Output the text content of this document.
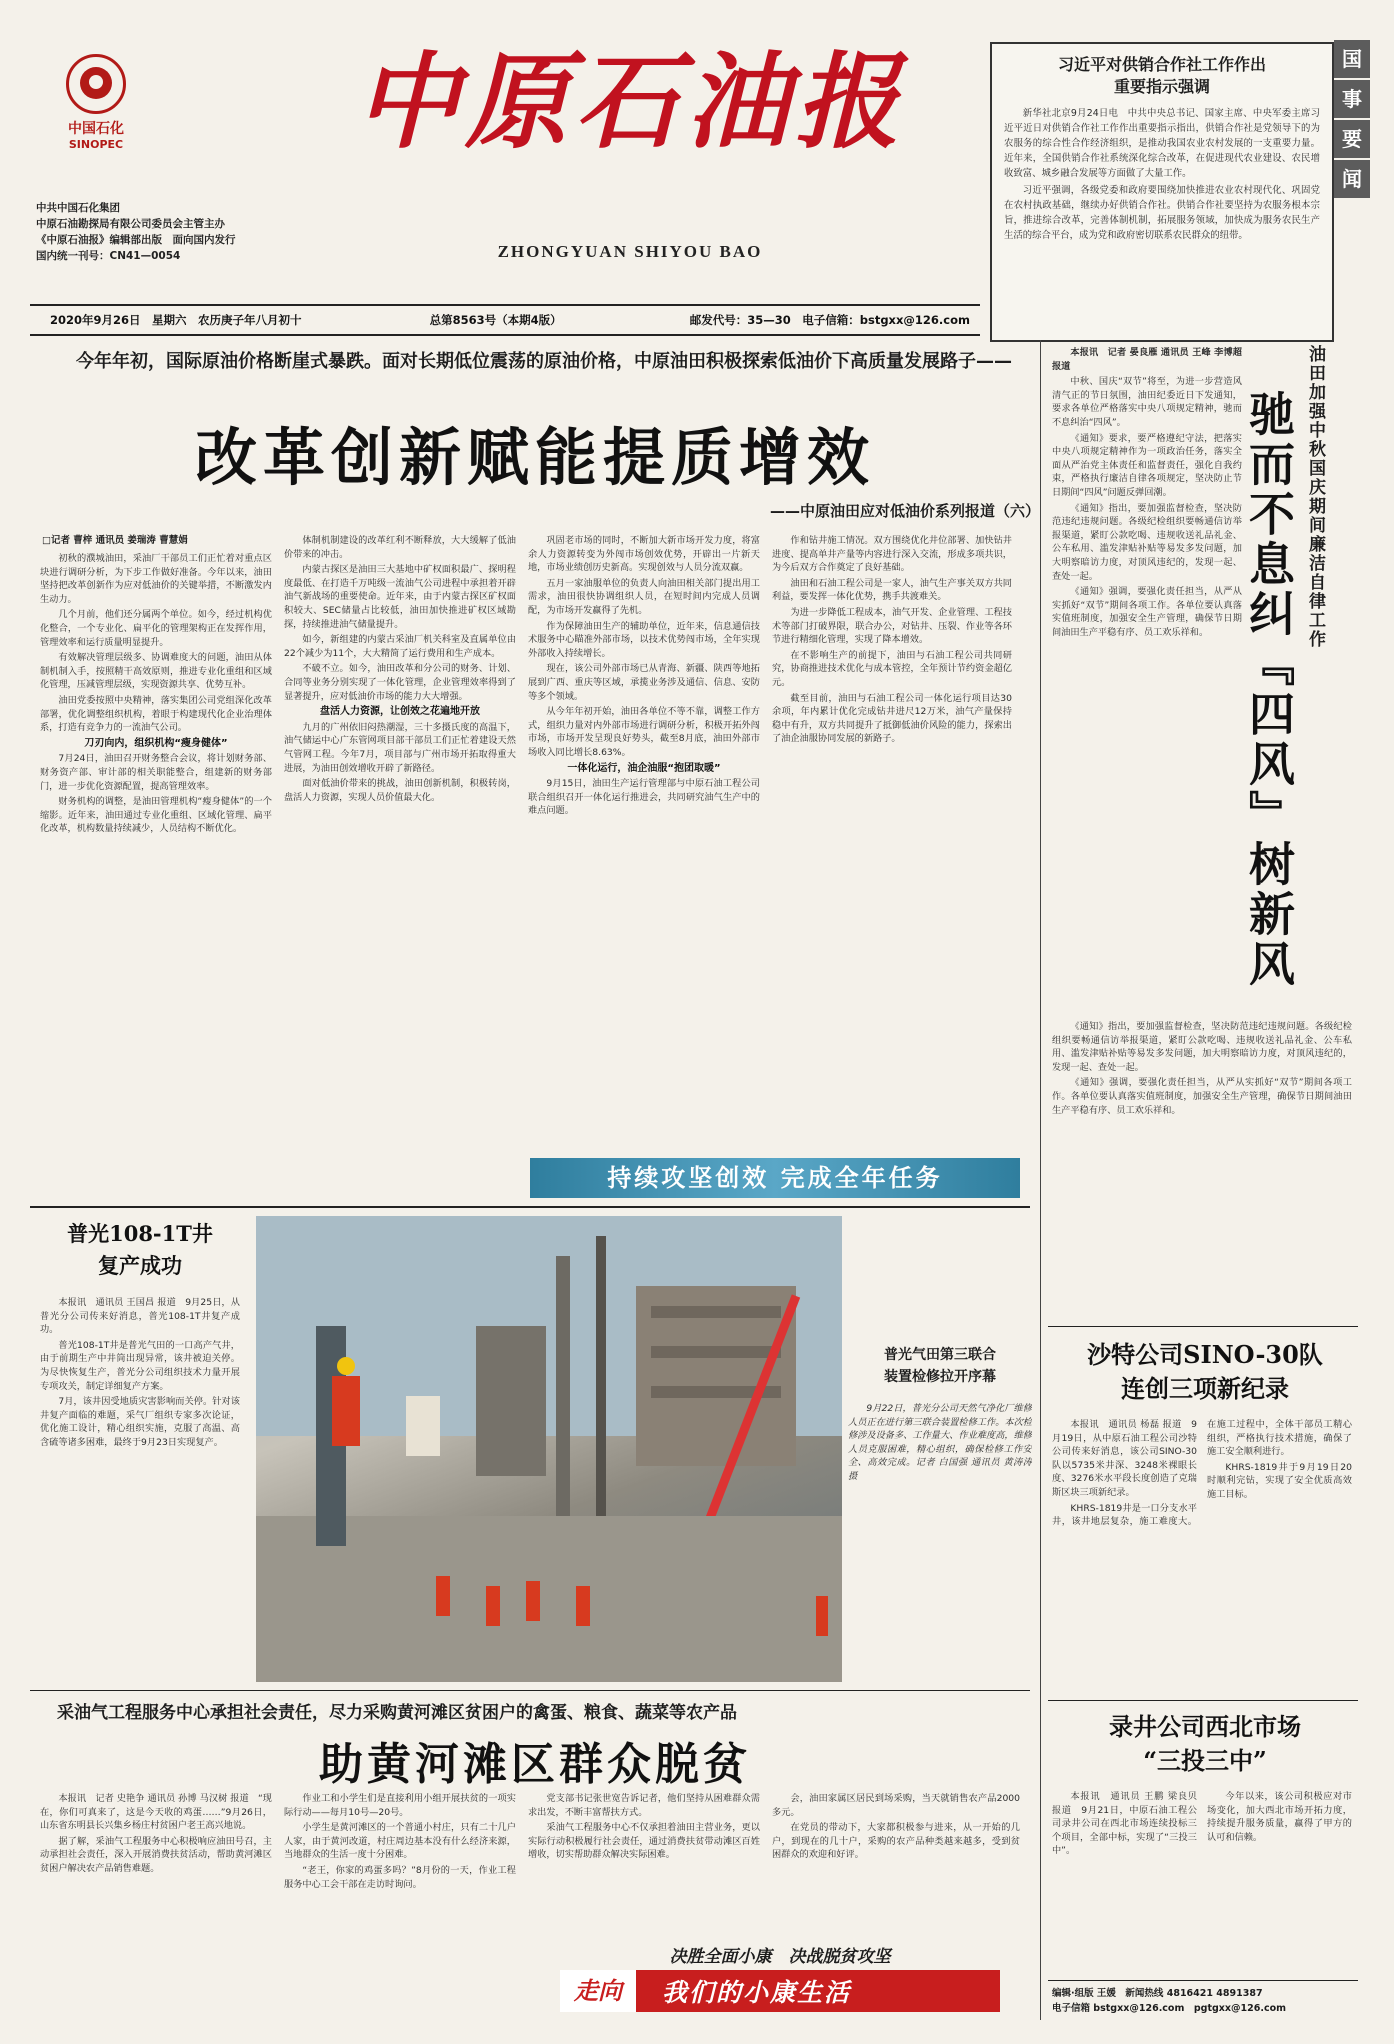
中国石化
SINOPEC
中共中国石化集团
中原石油勘探局有限公司委员会主管主办
《中原石油报》编辑部出版　面向国内发行
国内统一刊号：CN41—0054
中原石油报
ZHONGYUAN SHIYOU BAO
习近平对供销合作社工作作出
重要指示强调

新华社北京9月24日电　中共中央总书记、国家主席、中央军委主席习近平近日对供销合作社工作作出重要指示指出，供销合作社是党领导下的为农服务的综合性合作经济组织，是推动我国农业农村发展的一支重要力量。近年来，全国供销合作社系统深化综合改革，在促进现代农业建设、农民增收致富、城乡融合发展等方面做了大量工作。

习近平强调，各级党委和政府要围绕加快推进农业农村现代化、巩固党在农村执政基础，继续办好供销合作社。供销合作社要坚持为农服务根本宗旨，推进综合改革，完善体制机制，拓展服务领域，加快成为服务农民生产生活的综合平台，成为党和政府密切联系农民群众的纽带。

国
事
要
闻
2020年9月26日　星期六　农历庚子年八月初十	总第8563号（本期4版）	邮发代号：35—30　电子信箱：bstgxx@126.com
今年年初，国际原油价格断崖式暴跌。面对长期低位震荡的原油价格，中原油田积极探索低油价下高质量发展路子——
改革创新赋能提质增效
——中原油田应对低油价系列报道（六）
□记者 曹梓 通讯员 姜瑞涛 曹慧娟

初秋的濮城油田，采油厂干部员工们正忙着对重点区块进行调研分析，为下步工作做好准备。今年以来，油田坚持把改革创新作为应对低油价的关键举措，不断激发内生动力。

几个月前，他们还分属两个单位。如今，经过机构优化整合，一个专业化、扁平化的管理架构正在发挥作用，管理效率和运行质量明显提升。

有效解决管理层级多、协调难度大的问题，油田从体制机制入手，按照精干高效原则，推进专业化重组和区域化管理，压减管理层级，实现资源共享、优势互补。

油田党委按照中央精神，落实集团公司党组深化改革部署，优化调整组织机构，着眼于构建现代化企业治理体系，打造有竞争力的一流油气公司。

刀刃向内，组织机构“瘦身健体”

7月24日，油田召开财务整合会议，将计划财务部、财务资产部、审计部的相关职能整合，组建新的财务部门，进一步优化资源配置，提高管理效率。

财务机构的调整，是油田管理机构“瘦身健体”的一个缩影。近年来，油田通过专业化重组、区域化管理、扁平化改革，机构数量持续减少，人员结构不断优化。

体制机制建设的改革红利不断释放，大大缓解了低油价带来的冲击。

内蒙古探区是油田三大基地中矿权面积最广、探明程度最低、在打造千万吨级一流油气公司进程中承担着开辟油气新战场的重要使命。近年来，由于内蒙古探区矿权面积较大、SEC储量占比较低，油田加快推进矿权区域勘探，持续推进油气储量提升。

如今，新组建的内蒙古采油厂机关科室及直属单位由22个减少为11个，大大精简了运行费用和生产成本。

不破不立。如今，油田改革和分公司的财务、计划、合同等业务分别实现了一体化管理，企业管理效率得到了显著提升，应对低油价市场的能力大大增强。

盘活人力资源，让创效之花遍地开放

九月的广州依旧闷热潮湿，三十多摄氏度的高温下，油气储运中心广东管网项目部干部员工们正忙着建设天然气管网工程。今年7月，项目部与广州市场开拓取得重大进展，为油田创效增收开辟了新路径。

面对低油价带来的挑战，油田创新机制，积极转岗，盘活人力资源，实现人员价值最大化。

巩固老市场的同时，不断加大新市场开发力度，将富余人力资源转变为外闯市场创效优势，开辟出一片新天地，市场业绩创历史新高。实现创效与人员分流双赢。

五月一家油服单位的负责人向油田相关部门提出用工需求，油田很快协调组织人员，在短时间内完成人员调配，为市场开发赢得了先机。

作为保障油田生产的辅助单位，近年来，信息通信技术服务中心瞄准外部市场，以技术优势闯市场，全年实现外部收入持续增长。

现在，该公司外部市场已从青海、新疆、陕西等地拓展到广西、重庆等区域，承揽业务涉及通信、信息、安防等多个领域。

从今年年初开始，油田各单位不等不靠，调整工作方式，组织力量对内外部市场进行调研分析，积极开拓外闯市场，市场开发呈现良好势头，截至8月底，油田外部市场收入同比增长8.63%。

一体化运行，油企油服“抱团取暖”

9月15日，油田生产运行管理部与中原石油工程公司联合组织召开一体化运行推进会，共同研究油气生产中的难点问题。

作和钻井施工情况。双方围绕优化井位部署、加快钻井进度、提高单井产量等内容进行深入交流，形成多项共识，为今后双方合作奠定了良好基础。

油田和石油工程公司是一家人，油气生产事关双方共同利益，要发挥一体化优势，携手共渡难关。

为进一步降低工程成本，油气开发、企业管理、工程技术等部门打破界限，联合办公，对钻井、压裂、作业等各环节进行精细化管理，实现了降本增效。

在不影响生产的前提下，油田与石油工程公司共同研究，协商推进技术优化与成本管控，全年预计节约资金超亿元。

截至目前，油田与石油工程公司一体化运行项目达30余项，年内累计优化完成钻井进尺12万米，油气产量保持稳中有升，双方共同提升了抵御低油价风险的能力，探索出了油企油服协同发展的新路子。

持续攻坚创效 完成全年任务
普光108-1T井
复产成功

本报讯　通讯员 王国昌 报道　9月25日，从普光分公司传来好消息，普光108-1T井复产成功。

普光108-1T井是普光气田的一口高产气井，由于前期生产中井筒出现异常，该井被迫关停。为尽快恢复生产，普光分公司组织技术力量开展专项攻关，制定详细复产方案。

7月，该井因受地质灾害影响而关停。针对该井复产面临的难题，采气厂组织专家多次论证，优化施工设计，精心组织实施，克服了高温、高含硫等诸多困难，最终于9月23日实现复产。

普光气田第三联合
装置检修拉开序幕
9月22日，普光分公司天然气净化厂维修人员正在进行第三联合装置检修工作。本次检修涉及设备多、工作量大、作业难度高，维修人员克服困难，精心组织，确保检修工作安全、高效完成。记者 白国强 通讯员 黄涛涛 摄
油田加强中秋国庆期间廉洁自律工作
驰而不息纠『四风』树新风

本报讯　记者 晏良雁 通讯员 王峰 李博超 报道

中秋、国庆“双节”将至，为进一步营造风清气正的节日氛围，油田纪委近日下发通知，要求各单位严格落实中央八项规定精神，驰而不息纠治“四风”。

《通知》要求，要严格遵纪守法，把落实中央八项规定精神作为一项政治任务，落实全面从严治党主体责任和监督责任，强化自我约束，严格执行廉洁自律各项规定，坚决防止节日期间“四风”问题反弹回潮。

《通知》指出，要加强监督检查，坚决防范违纪违规问题。各级纪检组织要畅通信访举报渠道，紧盯公款吃喝、违规收送礼品礼金、公车私用、滥发津贴补贴等易发多发问题，加大明察暗访力度，对顶风违纪的，发现一起、查处一起。

《通知》强调，要强化责任担当，从严从实抓好“双节”期间各项工作。各单位要认真落实值班制度，加强安全生产管理，确保节日期间油田生产平稳有序、员工欢乐祥和。

《通知》指出，要加强监督检查，坚决防范违纪违规问题。各级纪检组织要畅通信访举报渠道，紧盯公款吃喝、违规收送礼品礼金、公车私用、滥发津贴补贴等易发多发问题，加大明察暗访力度，对顶风违纪的，发现一起、查处一起。

《通知》强调，要强化责任担当，从严从实抓好“双节”期间各项工作。各单位要认真落实值班制度，加强安全生产管理，确保节日期间油田生产平稳有序、员工欢乐祥和。

沙特公司SINO-30队
连创三项新纪录

本报讯　通讯员 杨磊 报道　9月19日，从中原石油工程公司沙特公司传来好消息，该公司SINO-30队以5735米井深、3248米裸眼长度、3276米水平段长度创造了克瑞斯区块三项新纪录。

KHRS-1819井是一口分支水平井，该井地层复杂，施工难度大。在施工过程中，全体干部员工精心组织，严格执行技术措施，确保了施工安全顺利进行。

KHRS-1819井于9月19日20时顺利完钻，实现了安全优质高效施工目标。

采油气工程服务中心承担社会责任，尽力采购黄河滩区贫困户的禽蛋、粮食、蔬菜等农产品
助黄河滩区群众脱贫

本报讯　记者 史艳争 通讯员 孙博 马汉树 报道　“现在，你们可真来了，这是今天收的鸡蛋……”9月26日，山东省东明县长兴集乡杨庄村贫困户老王高兴地说。

据了解，采油气工程服务中心积极响应油田号召，主动承担社会责任，深入开展消费扶贫活动，帮助黄河滩区贫困户解决农产品销售难题。

作业工和小学生们是直接利用小组开展扶贫的一项实际行动——每月10号—20号。

小学生是黄河滩区的一个普通小村庄，只有二十几户人家，由于黄河改道，村庄周边基本没有什么经济来源，当地群众的生活一度十分困难。

“老王，你家的鸡蛋多吗？”8月份的一天，作业工程服务中心工会干部在走访时询问。

党支部书记张世宽告诉记者，他们坚持从困难群众需求出发，不断丰富帮扶方式。

采油气工程服务中心不仅承担着油田主营业务，更以实际行动积极履行社会责任，通过消费扶贫带动滩区百姓增收，切实帮助群众解决实际困难。

会，油田家属区居民到场采购，当天就销售农产品2000多元。

在党员的带动下，大家都积极参与进来，从一开始的几户，到现在的几十户，采购的农产品种类越来越多，受到贫困群众的欢迎和好评。

决胜全面小康　决战脱贫攻坚
走向	我们的小康生活
录井公司西北市场
“三投三中”

本报讯　通讯员 王鹏 梁良贝 报道　9月21日，中原石油工程公司录井公司在西北市场连续投标三个项目，全部中标，实现了“三投三中”。

今年以来，该公司积极应对市场变化，加大西北市场开拓力度，持续提升服务质量，赢得了甲方的认可和信赖。

编辑·组版 王媛　新闻热线 4816421 4891387
电子信箱 bstgxx@126.com　pgtgxx@126.com
